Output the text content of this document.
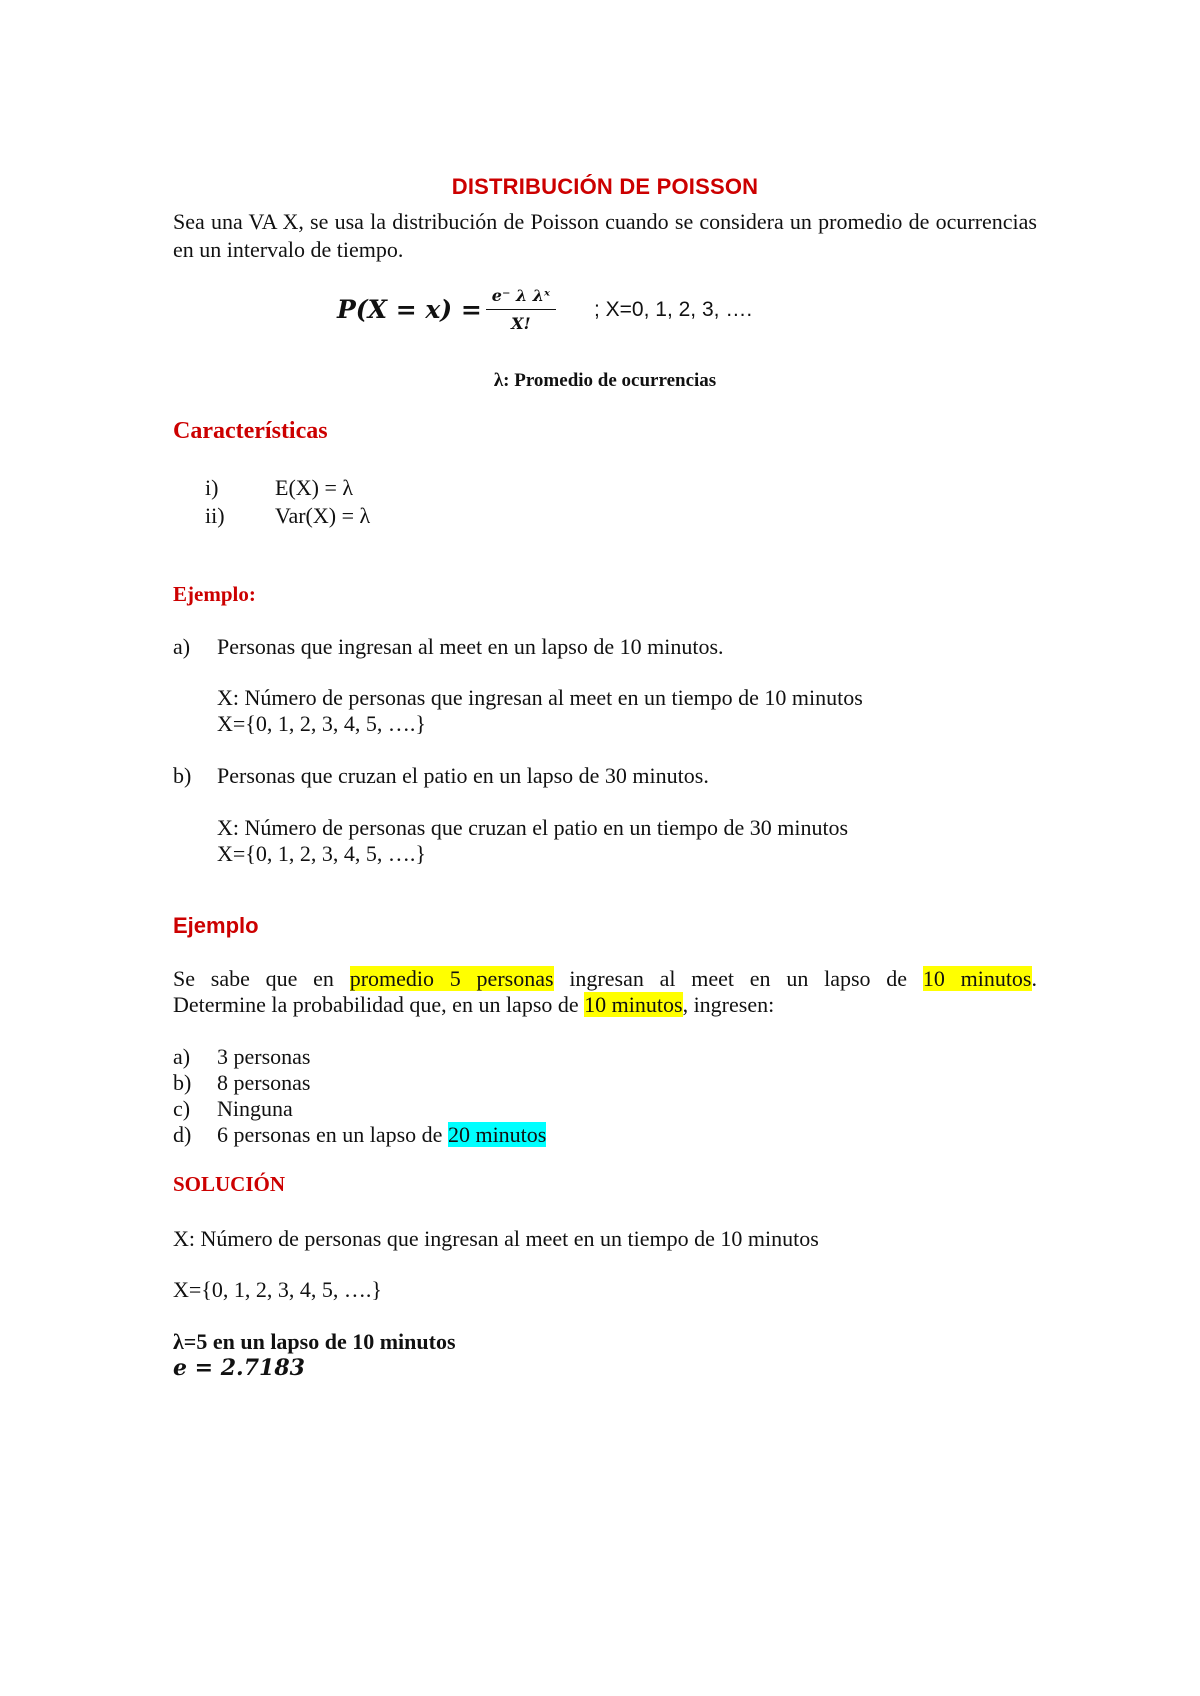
DISTRIBUCIÓN DE POISSON
Sea una VA X, se usa la distribución de Poisson cuando se considera un promedio de ocurrencias en un intervalo de tiempo.
$P(X = x) = \frac{\text{e⁻ λ λˣ}}{X!}$ ; X=0, 1, 2, 3, ….
λ: Promedio de ocurrencias
Características
i)	E(X) = λ
ii) Var(X) = λ
Ejemplo:
a) Personas que ingresan al meet en un lapso de 10 minutos.
X: Número de personas que ingresan al meet en un tiempo de 10 minutos
X={0, 1, 2, 3, 4, 5, ….}
b) Personas que cruzan el patio en un lapso de 30 minutos.
X: Número de personas que cruzan el patio en un tiempo de 30 minutos
X={0, 1, 2, 3, 4, 5, ….}
Ejemplo
Se sabe que en promedio 5 personas ingresan al meet en un lapso de 10 minutos.
Determine la probabilidad que, en un lapso de 10 minutos, ingresen:
a) 3 personas
b) 8 personas
c) Ninguna
d) 6 personas en un lapso de 20 minutos
SOLUCIÓN
X: Número de personas que ingresan al meet en un tiempo de 10 minutos
X={0, 1, 2, 3, 4, 5, ….}
λ=5 en un lapso de 10 minutos
e = 2.7183
